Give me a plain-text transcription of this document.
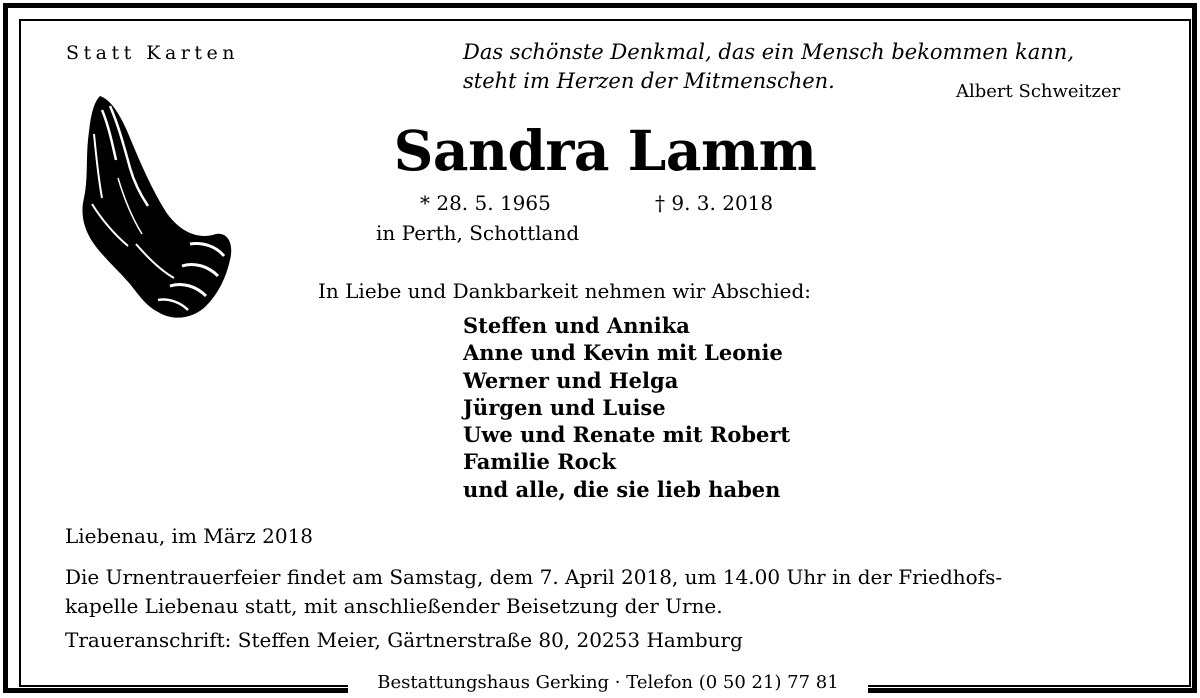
Statt Karten	Das schönste Denkmal, das ein Mensch bekommen kann,
steht im Herzen der Mitmenschen.	Albert Schweitzer
Sandra Lamm
* 28. 5. 1965	† 9. 3. 2018
in Perth, Schottland
In Liebe und Dankbarkeit nehmen wir Abschied:
Steffen und Annika
Anne und Kevin mit Leonie
Werner und Helga
Jürgen und Luise
Uwe und Renate mit Robert
Familie Rock
und alle, die sie lieb haben
Liebenau, im März 2018
Die Urnentrauerfeier findet am Samstag, dem 7. April 2018, um 14.00 Uhr in der Friedhofs-
kapelle Liebenau statt, mit anschließender Beisetzung der Urne.
Traueranschrift: Steffen Meier, Gärtnerstraße 80, 20253 Hamburg
Bestattungshaus Gerking · Telefon (0 50 21) 77 81
